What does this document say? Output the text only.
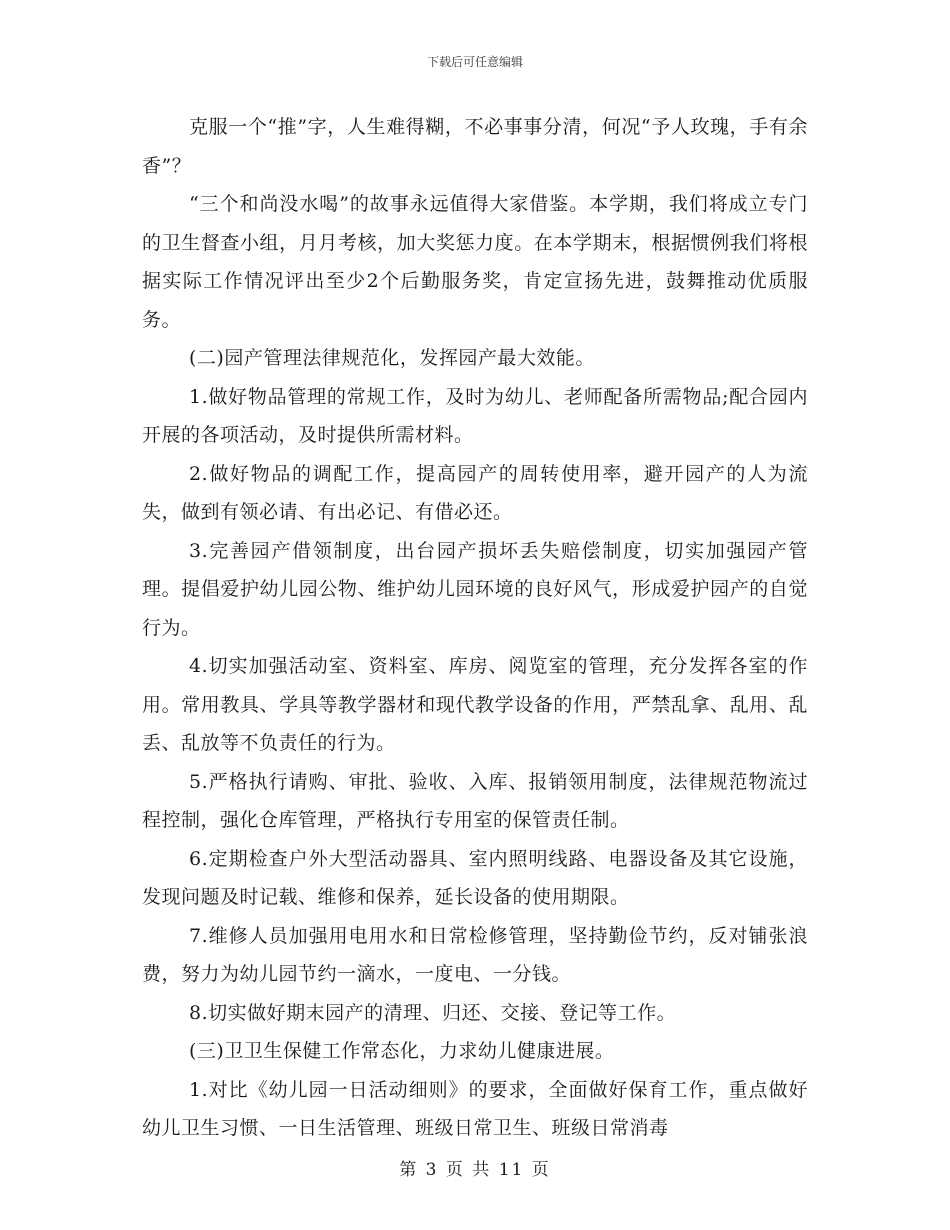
下载后可任意编辑

克服一个“推”字，人生难得糊，不必事事分清，何况“予人玫瑰，手有余香”？

“三个和尚没水喝”的故事永远值得大家借鉴。本学期，我们将成立专门的卫生督查小组，月月考核，加大奖惩力度。在本学期末，根据惯例我们将根据实际工作情况评出至少2个后勤服务奖，肯定宣扬先进，鼓舞推动优质服务。

(二)园产管理法律规范化，发挥园产最大效能。

1.做好物品管理的常规工作，及时为幼儿、老师配备所需物品;配合园内开展的各项活动，及时提供所需材料。

2.做好物品的调配工作，提高园产的周转使用率，避开园产的人为流失，做到有领必请、有出必记、有借必还。

3.完善园产借领制度，出台园产损坏丢失赔偿制度，切实加强园产管理。提倡爱护幼儿园公物、维护幼儿园环境的良好风气，形成爱护园产的自觉行为。

4.切实加强活动室、资料室、库房、阅览室的管理，充分发挥各室的作用。常用教具、学具等教学器材和现代教学设备的作用，严禁乱拿、乱用、乱丢、乱放等不负责任的行为。

5.严格执行请购、审批、验收、入库、报销领用制度，法律规范物流过程控制，强化仓库管理，严格执行专用室的保管责任制。

6.定期检查户外大型活动器具、室内照明线路、电器设备及其它设施，发现问题及时记载、维修和保养，延长设备的使用期限。

7.维修人员加强用电用水和日常检修管理，坚持勤俭节约，反对铺张浪费，努力为幼儿园节约一滴水，一度电、一分钱。

8.切实做好期末园产的清理、归还、交接、登记等工作。

(三)卫卫生保健工作常态化，力求幼儿健康进展。

1.对比《幼儿园一日活动细则》的要求，全面做好保育工作，重点做好幼儿卫生习惯、一日生活管理、班级日常卫生、班级日常消毒

第 3 页 共 11 页
